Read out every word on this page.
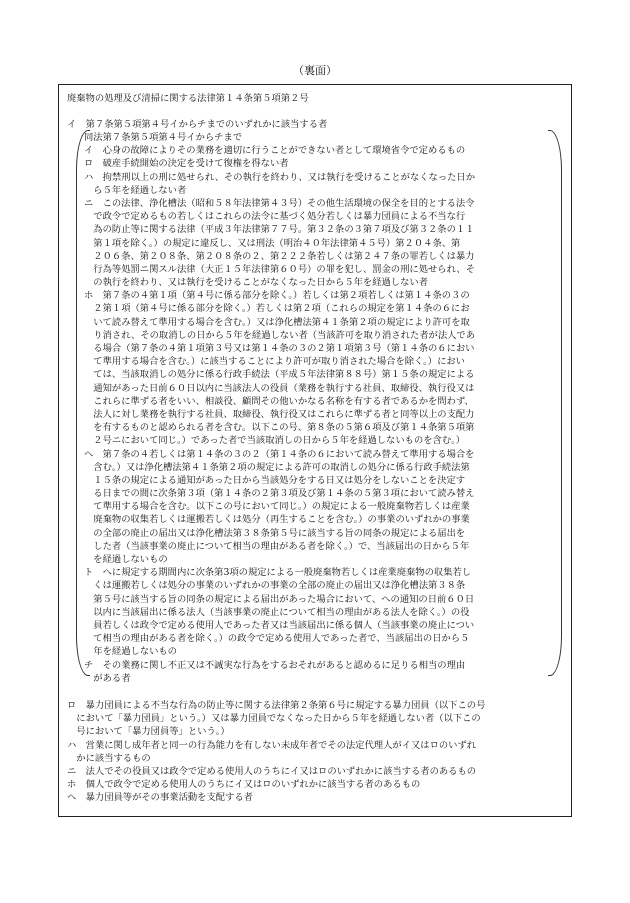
（裏面）
廃棄物の処理及び清掃に関する法律第１４条第５項第２号
イ　第７条第５項第４号イからチまでのいずれかに該当する者
同法第７条第５項第４号イからチまで
イ　心身の故障によりその業務を適切に行うことができない者として環境省令で定めるもの
ロ　破産手続開始の決定を受けて復権を得ない者
ハ　拘禁刑以上の刑に処せられ、その執行を終わり、又は執行を受けることがなくなった日か
　ら５年を経過しない者
ニ　この法律、浄化槽法（昭和５８年法律第４３号）その他生活環境の保全を目的とする法令
　で政令で定めるもの若しくはこれらの法令に基づく処分若しくは暴力団員による不当な行
　為の防止等に関する法律（平成３年法律第７７号。第３２条の３第７項及び第３２条の１１
　第１項を除く。）の規定に違反し、又は刑法（明治４０年法律第４５号）第２０４条、第
　２０６条、第２０８条、第２０８条の２、第２２２条若しくは第２４７条の罪若しくは暴力
　行為等処罰ニ関スル法律（大正１５年法律第６０号）の罪を犯し、罰金の刑に処せられ、そ
　の執行を終わり、又は執行を受けることがなくなった日から５年を経過しない者
ホ　第７条の４第１項（第４号に係る部分を除く。）若しくは第２項若しくは第１４条の３の
　２第１項（第４号に係る部分を除く。）若しくは第２項（これらの規定を第１４条の６にお
　いて読み替えて準用する場合を含む。）又は浄化槽法第４１条第２項の規定により許可を取
　り消され、その取消しの日から５年を経過しない者（当該許可を取り消された者が法人であ
　る場合（第７条の４第１項第３号又は第１４条の３の２第１項第３号（第１４条の６におい
　て準用する場合を含む。）に該当することにより許可が取り消された場合を除く。）におい
　ては、当該取消しの処分に係る行政手続法（平成５年法律第８８号）第１５条の規定による
　通知があった日前６０日以内に当該法人の役員（業務を執行する社員、取締役、執行役又は
　これらに準ずる者をいい、相談役、顧問その他いかなる名称を有する者であるかを問わず、
　法人に対し業務を執行する社員、取締役、執行役又はこれらに準ずる者と同等以上の支配力
　を有するものと認められる者を含む。以下この号、第８条の５第６項及び第１４条第５項第
　２号ニにおいて同じ。）であった者で当該取消しの日から５年を経過しないものを含む。）
ヘ　第７条の４若しくは第１４条の３の２（第１４条の６において読み替えて準用する場合を
　含む。）又は浄化槽法第４１条第２項の規定による許可の取消しの処分に係る行政手続法第
　１５条の規定による通知があった日から当該処分をする日又は処分をしないことを決定す
　る日までの間に次条第３項（第１４条の２第３項及び第１４条の５第３項において読み替え
　て準用する場合を含む。以下この号において同じ。）の規定による一般廃棄物若しくは産業
　廃棄物の収集若しくは運搬若しくは処分（再生することを含む。）の事業のいずれかの事業
　の全部の廃止の届出又は浄化槽法第３８条第５号に該当する旨の同条の規定による届出を
　した者（当該事業の廃止について相当の理由がある者を除く。）で、当該届出の日から５年
　を経過しないもの
ト　へに規定する期間内に次条第3項の規定による一般廃棄物若しくは産業廃棄物の収集若し
　くは運搬若しくは処分の事業のいずれかの事業の全部の廃止の届出又は浄化槽法第３８条
　第５号に該当する旨の同条の規定による届出があった場合において、への通知の日前６０日
　以内に当該届出に係る法人（当該事業の廃止について相当の理由がある法人を除く。）の役
　員若しくは政令で定める使用人であった者又は当該届出に係る個人（当該事業の廃止につい
　て相当の理由がある者を除く。）の政令で定める使用人であった者で、当該届出の日から５
　年を経過しないもの
チ　その業務に関し不正又は不誠実な行為をするおそれがあると認めるに足りる相当の理由
　がある者
ロ　暴力団員による不当な行為の防止等に関する法律第２条第６号に規定する暴力団員（以下この号
　において「暴力団員」という。）又は暴力団員でなくなった日から５年を経過しない者（以下この
　号において「暴力団員等」という。）
ハ　営業に関し成年者と同一の行為能力を有しない未成年者でその法定代理人がイ又はロのいずれ
　かに該当するもの
ニ　法人でその役員又は政令で定める使用人のうちにイ又はロのいずれかに該当する者のあるもの
ホ　個人で政令で定める使用人のうちにイ又はロのいずれかに該当する者のあるもの
ヘ　暴力団員等がその事業活動を支配する者
